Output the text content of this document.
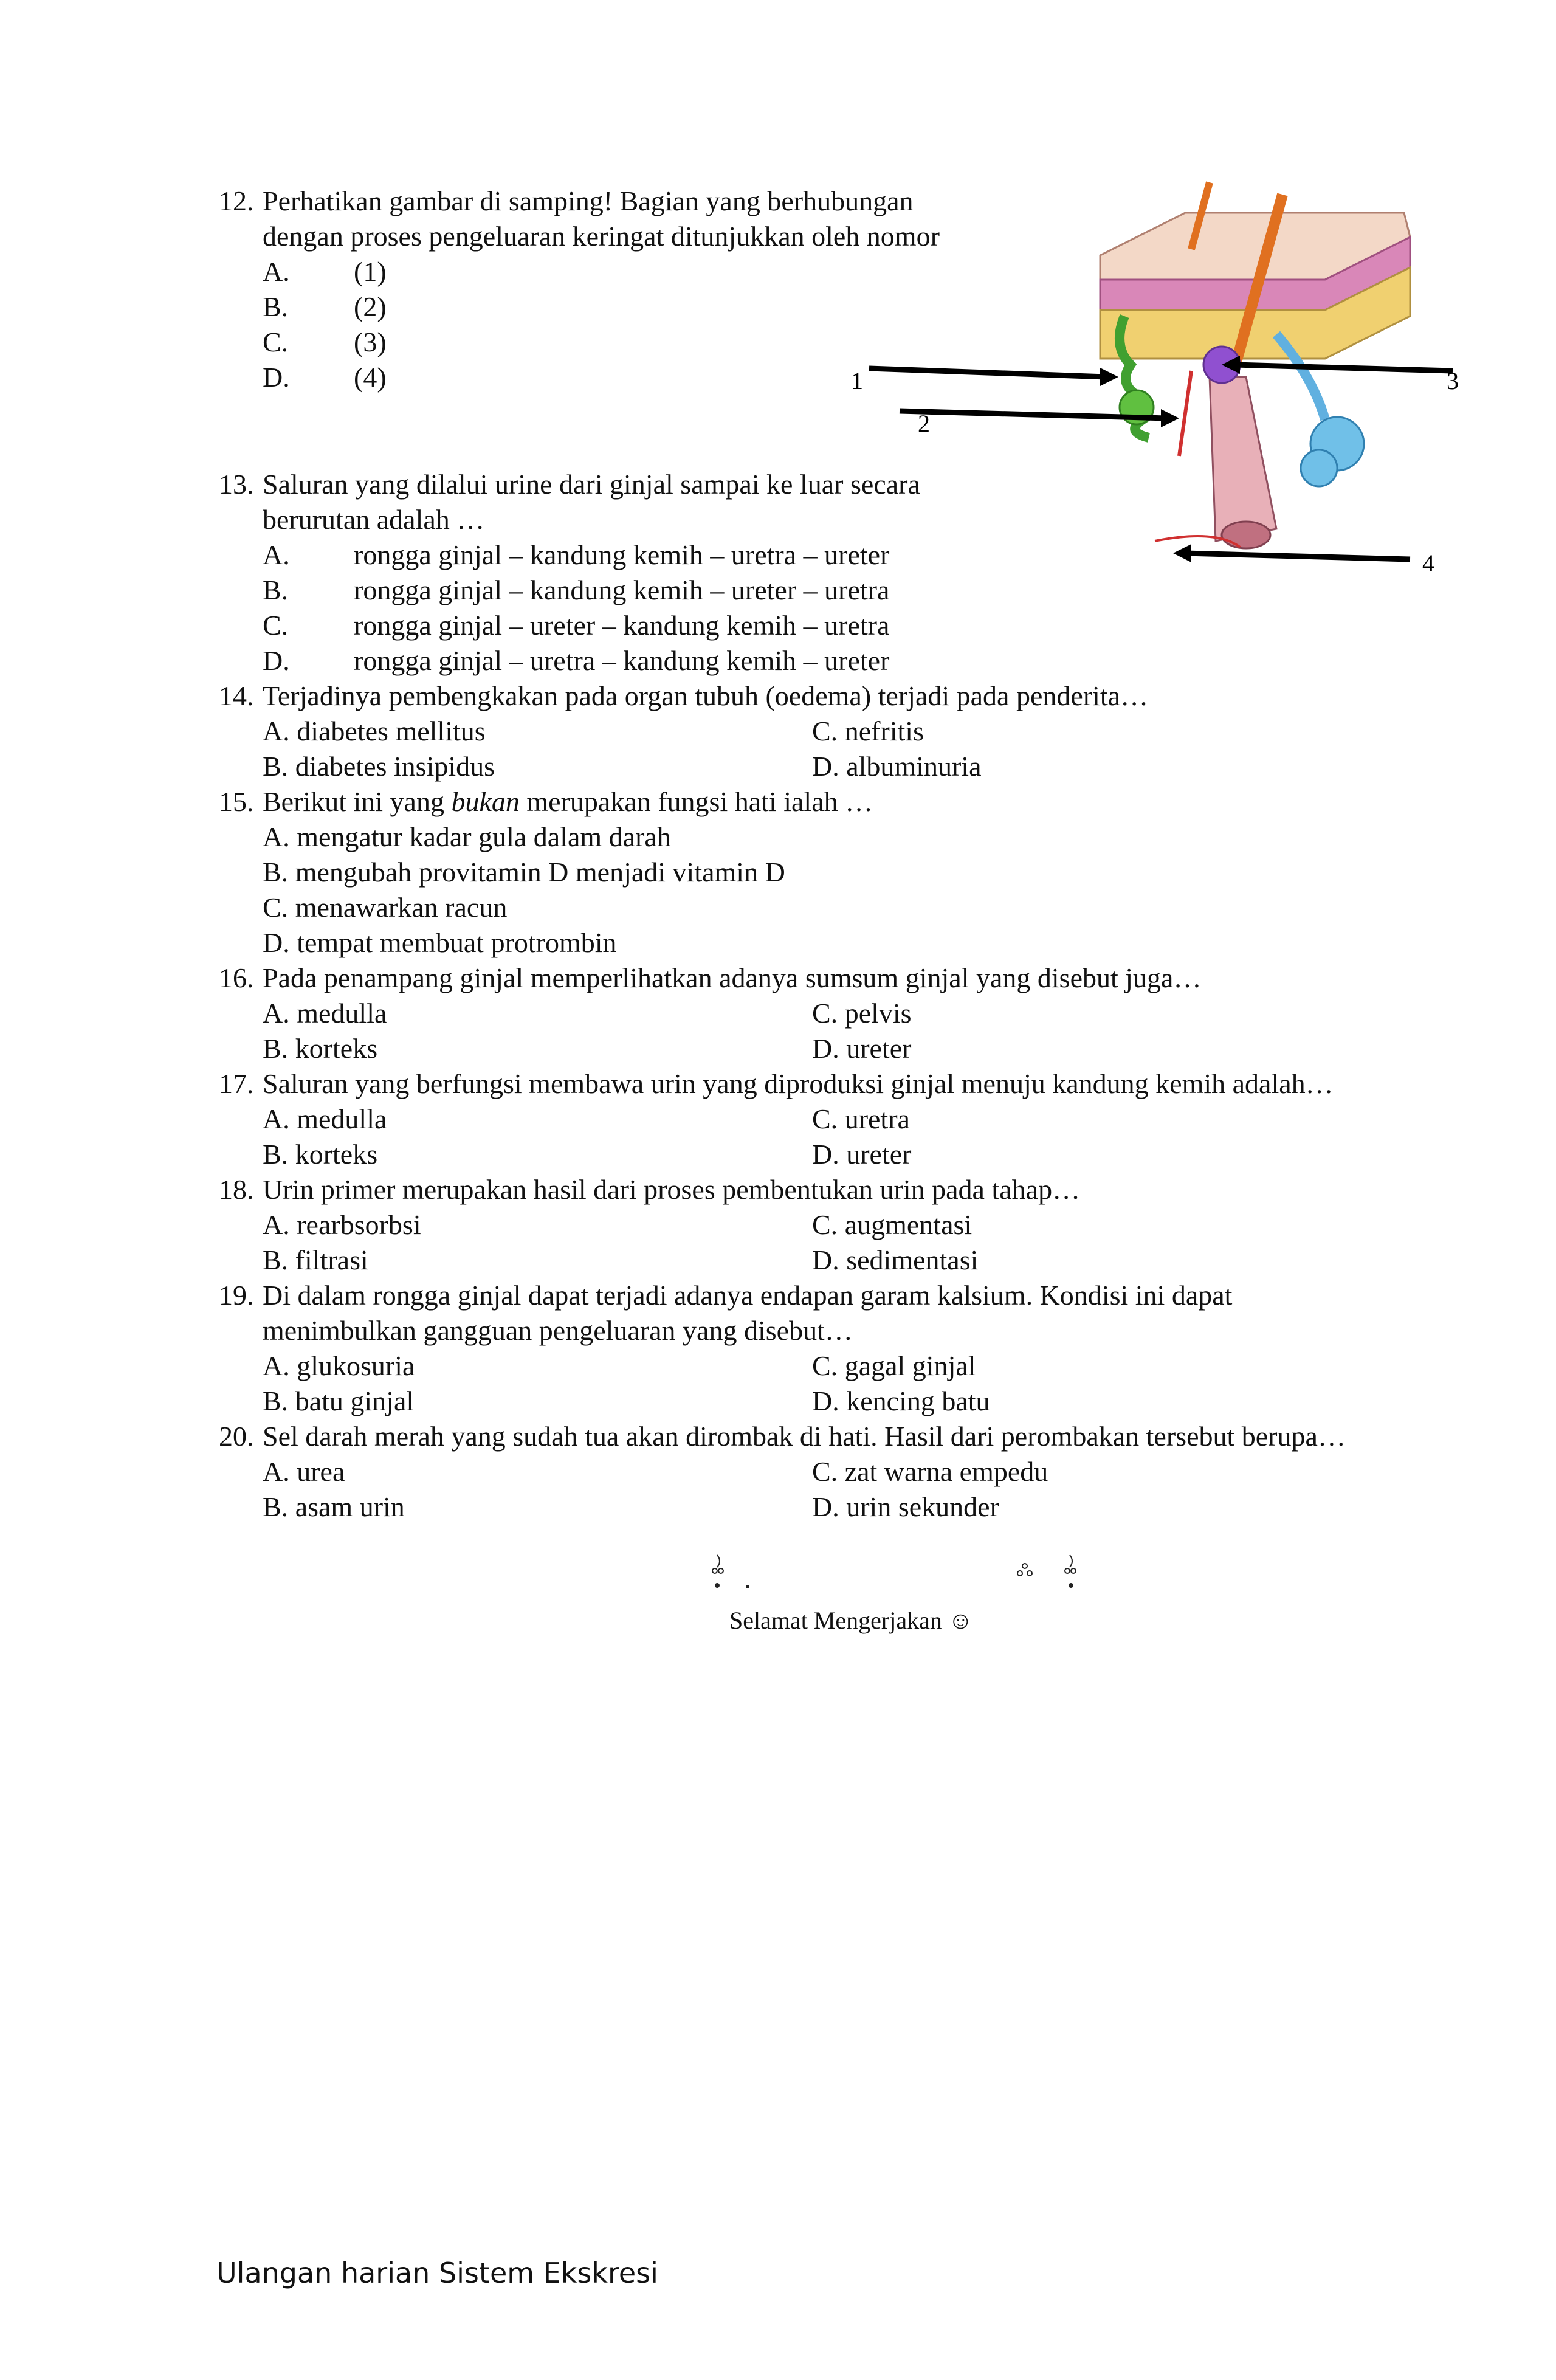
12. Perhatikan gambar di samping! Bagian yang berhubungan
dengan proses pengeluaran keringat ditunjukkan oleh nomor
A. (1)
B. (2)
C. (3)
D. (4)	1
2
3
4
13. Saluran yang dilalui urine dari ginjal sampai ke luar secara
berurutan adalah …
A. rongga ginjal – kandung kemih – uretra – ureter
B. rongga ginjal – kandung kemih – ureter – uretra
C. rongga ginjal – ureter – kandung kemih – uretra
D. rongga ginjal – uretra – kandung kemih – ureter
14. Terjadinya pembengkakan pada organ tubuh (oedema) terjadi pada penderita…
A. diabetes mellitus	C. nefritis
B. diabetes insipidus	D. albuminuria
15. Berikut ini yang bukan merupakan fungsi hati ialah …
A. mengatur kadar gula dalam darah
B. mengubah provitamin D menjadi vitamin D
C. menawarkan racun
D. tempat membuat protrombin
16. Pada penampang ginjal memperlihatkan adanya sumsum ginjal yang disebut juga…
A. medulla	C. pelvis
B. korteks	D. ureter
17. Saluran yang berfungsi membawa urin yang diproduksi ginjal menuju kandung kemih adalah…
A. medulla	C. uretra
B. korteks	D. ureter
18. Urin primer merupakan hasil dari proses pembentukan urin pada tahap…
A. rearbsorbsi	C. augmentasi
B. filtrasi	D. sedimentasi
19. Di dalam rongga ginjal dapat terjadi adanya endapan garam kalsium. Kondisi ini dapat
menimbulkan gangguan pengeluaran yang disebut…
A. glukosuria	C. gagal ginjal
B. batu ginjal	D. kencing batu
20. Sel darah merah yang sudah tua akan dirombak di hati. Hasil dari perombakan tersebut berupa…
A. urea	C. zat warna empedu
B. asam urin	D. urin sekunder
Selamat Mengerjakan ☺
Ulangan harian Sistem Ekskresi
